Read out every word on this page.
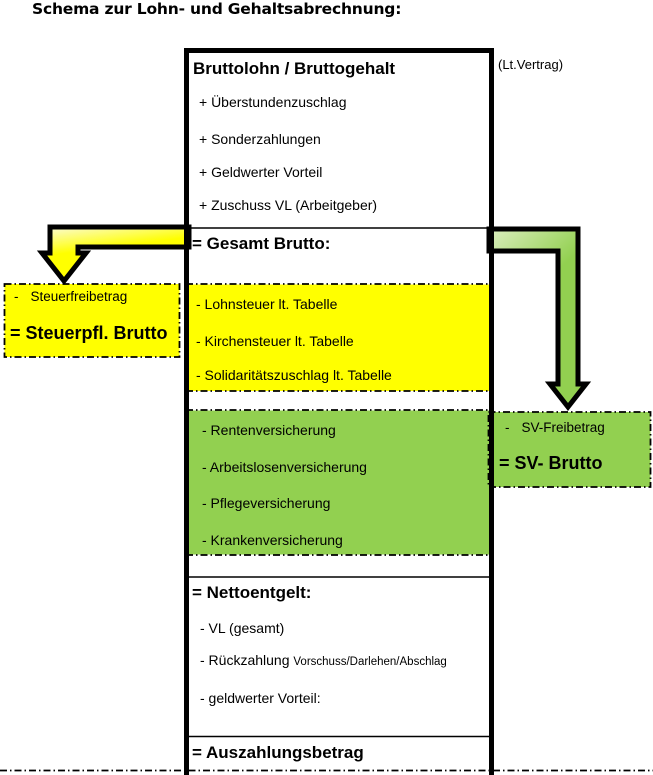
Schema zur Lohn- und Gehaltsabrechnung:
Bruttolohn / Bruttogehalt	(Lt.Vertrag)
+ Überstundenzuschlag
+ Sonderzahlungen
+ Geldwerter Vorteil
+ Zuschuss VL (Arbeitgeber)
= Gesamt Brutto:
- Lohnsteuer lt. Tabelle
- Kirchensteuer lt. Tabelle
- Solidaritätszuschlag lt. Tabelle
- Rentenversicherung
- Arbeitslosenversicherung
- Pflegeversicherung
- Krankenversicherung
= Nettoentgelt:
- VL (gesamt)
- Rückzahlung Vorschuss/Darlehen/Abschlag
- geldwerter Vorteil:
= Auszahlungsbetrag
- Steuerfreibetrag
= Steuerpfl. Brutto
- SV-Freibetrag
= SV- Brutto
